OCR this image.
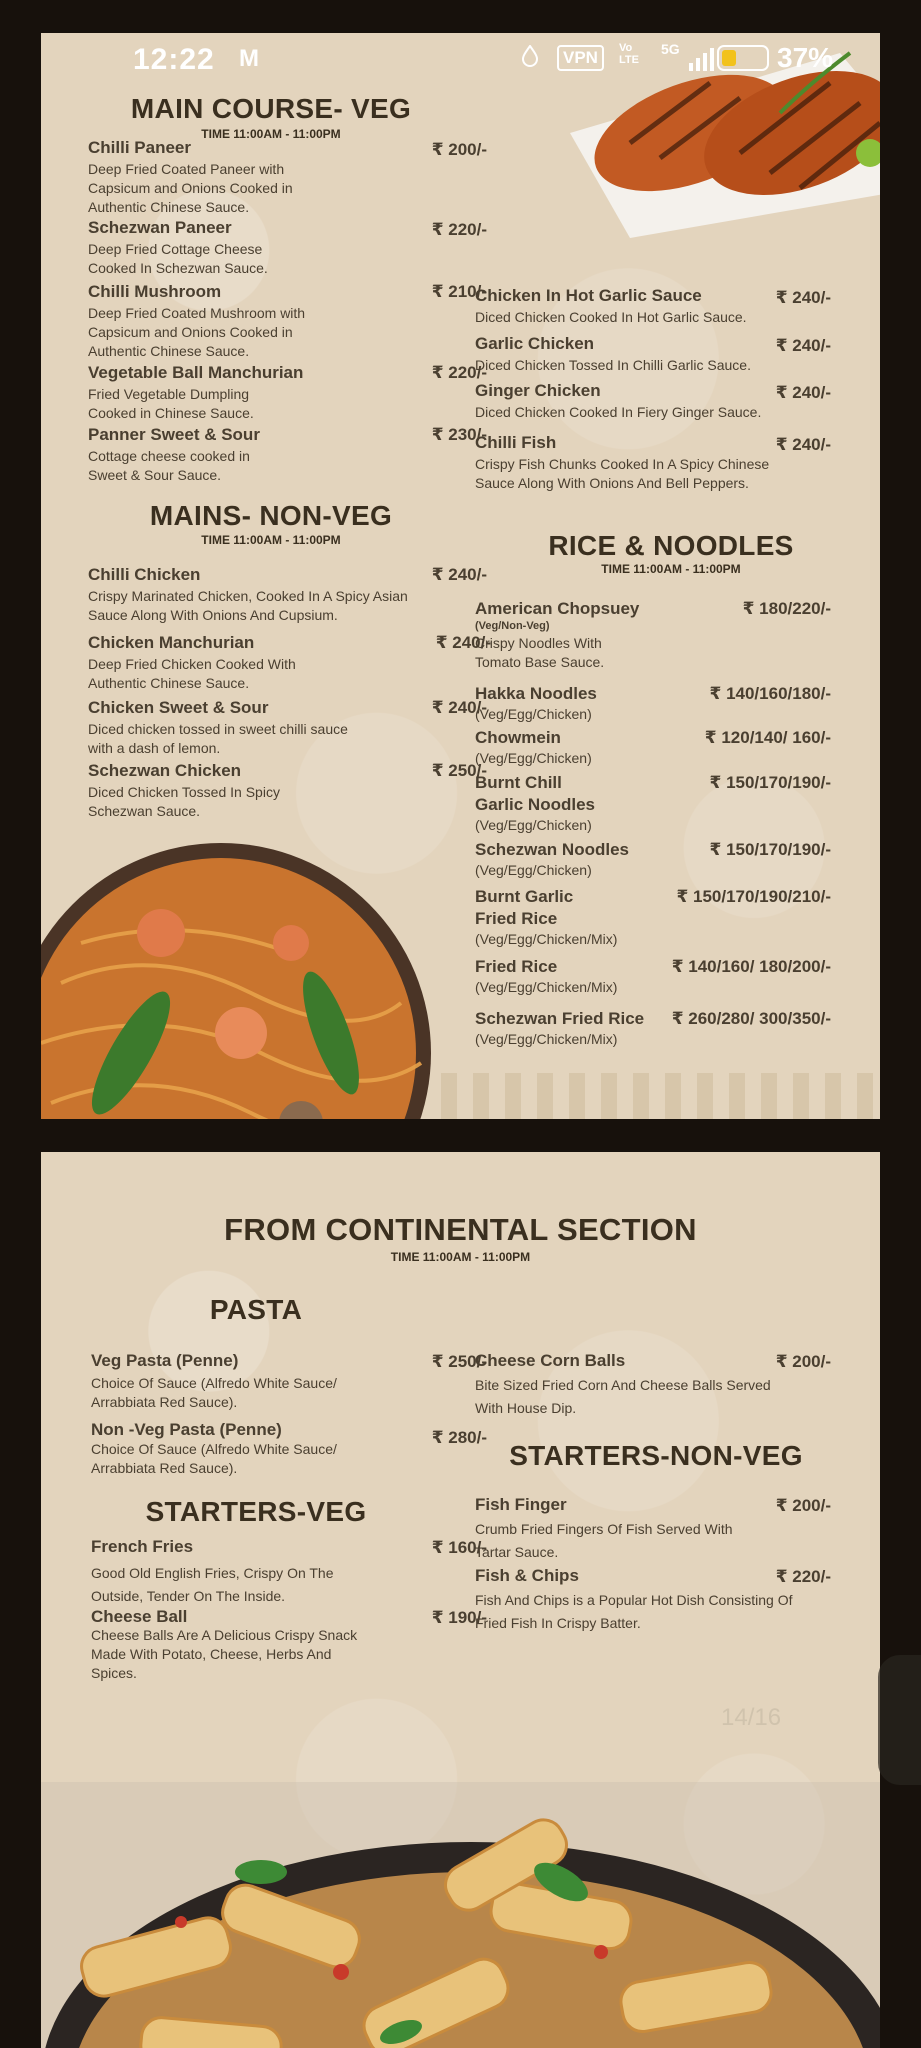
12:22 M	VPN	Vo
LTE
5G	37%
MAIN COURSE- VEG
TIME 11:00AM - 11:00PM
Chilli Paneer	₹ 200/-
Deep Fried Coated Paneer with Capsicum and Onions Cooked in Authentic Chinese Sauce.
Schezwan Paneer	₹ 220/-
Deep Fried Cottage Cheese Cooked In Schezwan Sauce.
Chilli Mushroom	₹ 210/-
Deep Fried Coated Mushroom with Capsicum and Onions Cooked in Authentic Chinese Sauce.
Vegetable Ball Manchurian	₹ 220/-
Fried Vegetable Dumpling Cooked in Chinese Sauce.
Panner Sweet & Sour	₹ 230/-
Cottage cheese cooked in Sweet & Sour Sauce.
MAINS- NON-VEG
TIME 11:00AM - 11:00PM
Chilli Chicken	₹ 240/-
Crispy Marinated Chicken, Cooked In A Spicy Asian Sauce Along With Onions And Cupsium.
Chicken Manchurian	₹ 240/-
Deep Fried Chicken Cooked With Authentic Chinese Sauce.
Chicken Sweet & Sour	₹ 240/-
Diced chicken tossed in sweet chilli sauce with a dash of lemon.
Schezwan Chicken	₹ 250/-
Diced Chicken Tossed In Spicy Schezwan Sauce.
Chicken In Hot Garlic Sauce	₹ 240/-
Diced Chicken Cooked In Hot Garlic Sauce.
Garlic Chicken	₹ 240/-
Diced Chicken Tossed In Chilli Garlic Sauce.
Ginger Chicken	₹ 240/-
Diced Chicken Cooked In Fiery Ginger Sauce.
Chilli Fish	₹ 240/-
Crispy Fish Chunks Cooked In A Spicy Chinese Sauce Along With Onions And Bell Peppers.
RICE & NOODLES
TIME 11:00AM - 11:00PM
American Chopsuey
(Veg/Non-Veg)
₹ 180/220/-
Crispy Noodles With Tomato Base Sauce.
Hakka Noodles	₹ 140/160/180/-
(Veg/Egg/Chicken)
Chowmein	₹ 120/140/ 160/-
(Veg/Egg/Chicken)
Burnt Chill
Garlic Noodles
₹ 150/170/190/-
(Veg/Egg/Chicken)
Schezwan Noodles	₹ 150/170/190/-
(Veg/Egg/Chicken)
Burnt Garlic
Fried Rice
₹ 150/170/190/210/-
(Veg/Egg/Chicken/Mix)
Fried Rice	₹ 140/160/ 180/200/-
(Veg/Egg/Chicken/Mix)
Schezwan Fried Rice	₹ 260/280/ 300/350/-
(Veg/Egg/Chicken/Mix)
FROM CONTINENTAL SECTION
TIME 11:00AM - 11:00PM
PASTA
Veg Pasta (Penne)	₹ 250/-
Choice Of Sauce (Alfredo White Sauce/ Arrabbiata Red Sauce).
Non -Veg Pasta (Penne)	₹ 280/-
Choice Of Sauce (Alfredo White Sauce/ Arrabbiata Red Sauce).
STARTERS-VEG
French Fries	₹ 160/-
Good Old English Fries, Crispy On The Outside, Tender On The Inside.
Cheese Ball	₹ 190/-
Cheese Balls Are A Delicious Crispy Snack Made With Potato, Cheese, Herbs And Spices.
Cheese Corn Balls	₹ 200/-
Bite Sized Fried Corn And Cheese Balls Served With House Dip.
STARTERS-NON-VEG
Fish Finger	₹ 200/-
Crumb Fried Fingers Of Fish Served With Tartar Sauce.
Fish & Chips	₹ 220/-
Fish And Chips is a Popular Hot Dish Consisting Of Fried Fish In Crispy Batter.
14/16
